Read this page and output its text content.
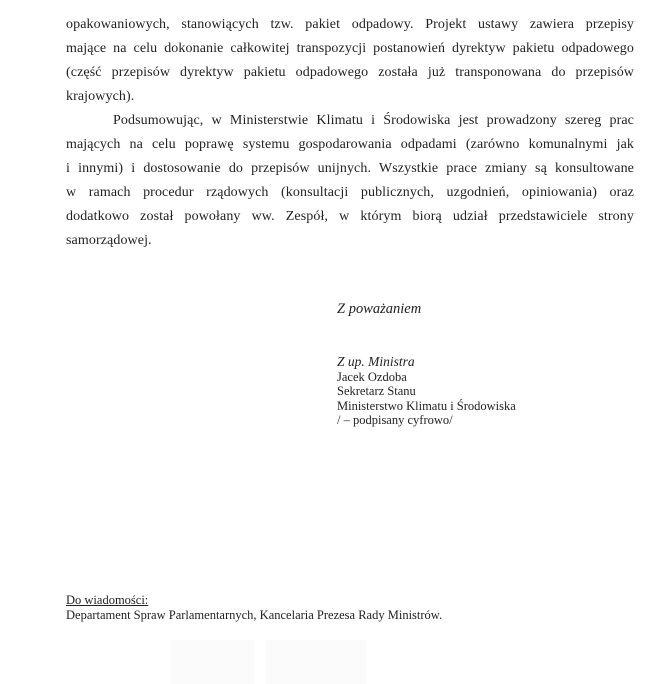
opakowaniowych, stanowiących tzw. pakiet odpadowy. Projekt ustawy zawiera przepisy
mające na celu dokonanie całkowitej transpozycji postanowień dyrektyw pakietu odpadowego
(część przepisów dyrektyw pakietu odpadowego została już transponowana do przepisów
krajowych).
Podsumowując, w Ministerstwie Klimatu i Środowiska jest prowadzony szereg prac
mających na celu poprawę systemu gospodarowania odpadami (zarówno komunalnymi jak
i innymi) i dostosowanie do przepisów unijnych. Wszystkie prace zmiany są konsultowane
w ramach procedur rządowych (konsultacji publicznych, uzgodnień, opiniowania) oraz
dodatkowo został powołany ww. Zespół, w którym biorą udział przedstawiciele strony
samorządowej.
Z poważaniem
Z up. Ministra
Jacek Ozdoba
Sekretarz Stanu
Ministerstwo Klimatu i Środowiska
/ – podpisany cyfrowo/
Do wiadomości:
Departament Spraw Parlamentarnych, Kancelaria Prezesa Rady Ministrów.
